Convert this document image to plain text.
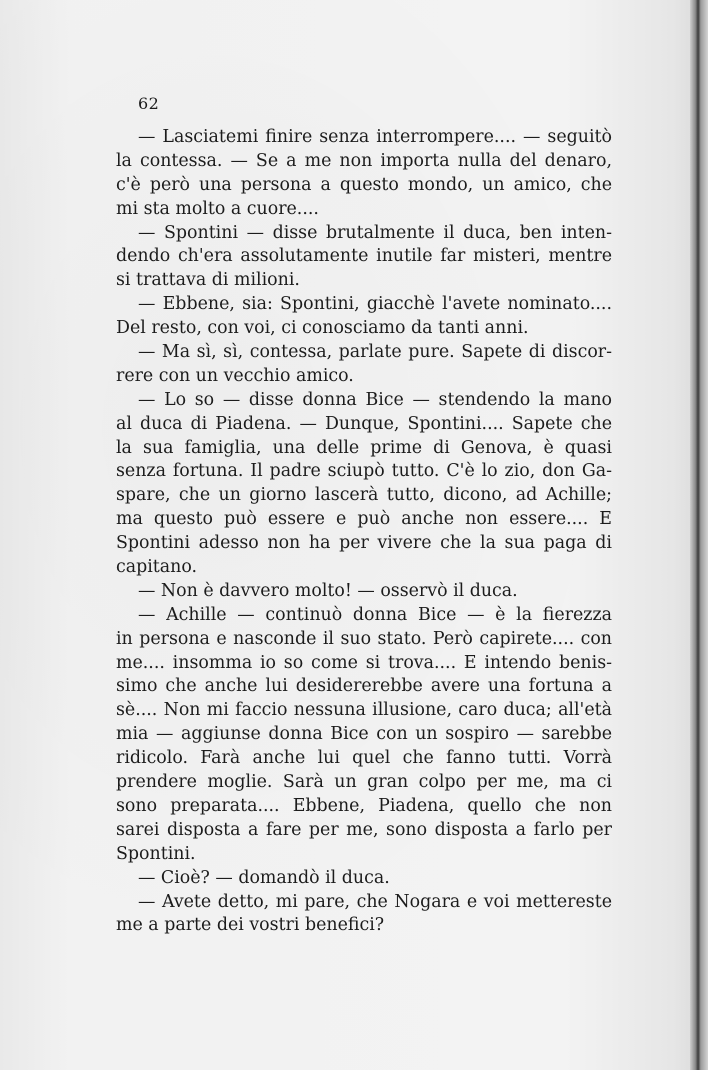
62
— Lasciatemi finire senza interrompere.... — seguitò
la contessa. — Se a me non importa nulla del denaro,
c'è però una persona a questo mondo, un amico, che
mi sta molto a cuore....
— Spontini — disse brutalmente il duca, ben inten-
dendo ch'era assolutamente inutile far misteri, mentre
si trattava di milioni.
— Ebbene, sia: Spontini, giacchè l'avete nominato....
Del resto, con voi, ci conosciamo da tanti anni.
— Ma sì, sì, contessa, parlate pure. Sapete di discor-
rere con un vecchio amico.
— Lo so — disse donna Bice — stendendo la mano
al duca di Piadena. — Dunque, Spontini.... Sapete che
la sua famiglia, una delle prime di Genova, è quasi
senza fortuna. Il padre sciupò tutto. C'è lo zio, don Ga-
spare, che un giorno lascerà tutto, dicono, ad Achille;
ma questo può essere e può anche non essere.... E
Spontini adesso non ha per vivere che la sua paga di
capitano.
— Non è davvero molto! — osservò il duca.
— Achille — continuò donna Bice — è la fierezza
in persona e nasconde il suo stato. Però capirete.... con
me.... insomma io so come si trova.... E intendo benis-
simo che anche lui desidererebbe avere una fortuna a
sè.... Non mi faccio nessuna illusione, caro duca; all'età
mia — aggiunse donna Bice con un sospiro — sarebbe
ridicolo. Farà anche lui quel che fanno tutti. Vorrà
prendere moglie. Sarà un gran colpo per me, ma ci
sono preparata.... Ebbene, Piadena, quello che non
sarei disposta a fare per me, sono disposta a farlo per
Spontini.
— Cioè? — domandò il duca.
— Avete detto, mi pare, che Nogara e voi mettereste
me a parte dei vostri benefici?
